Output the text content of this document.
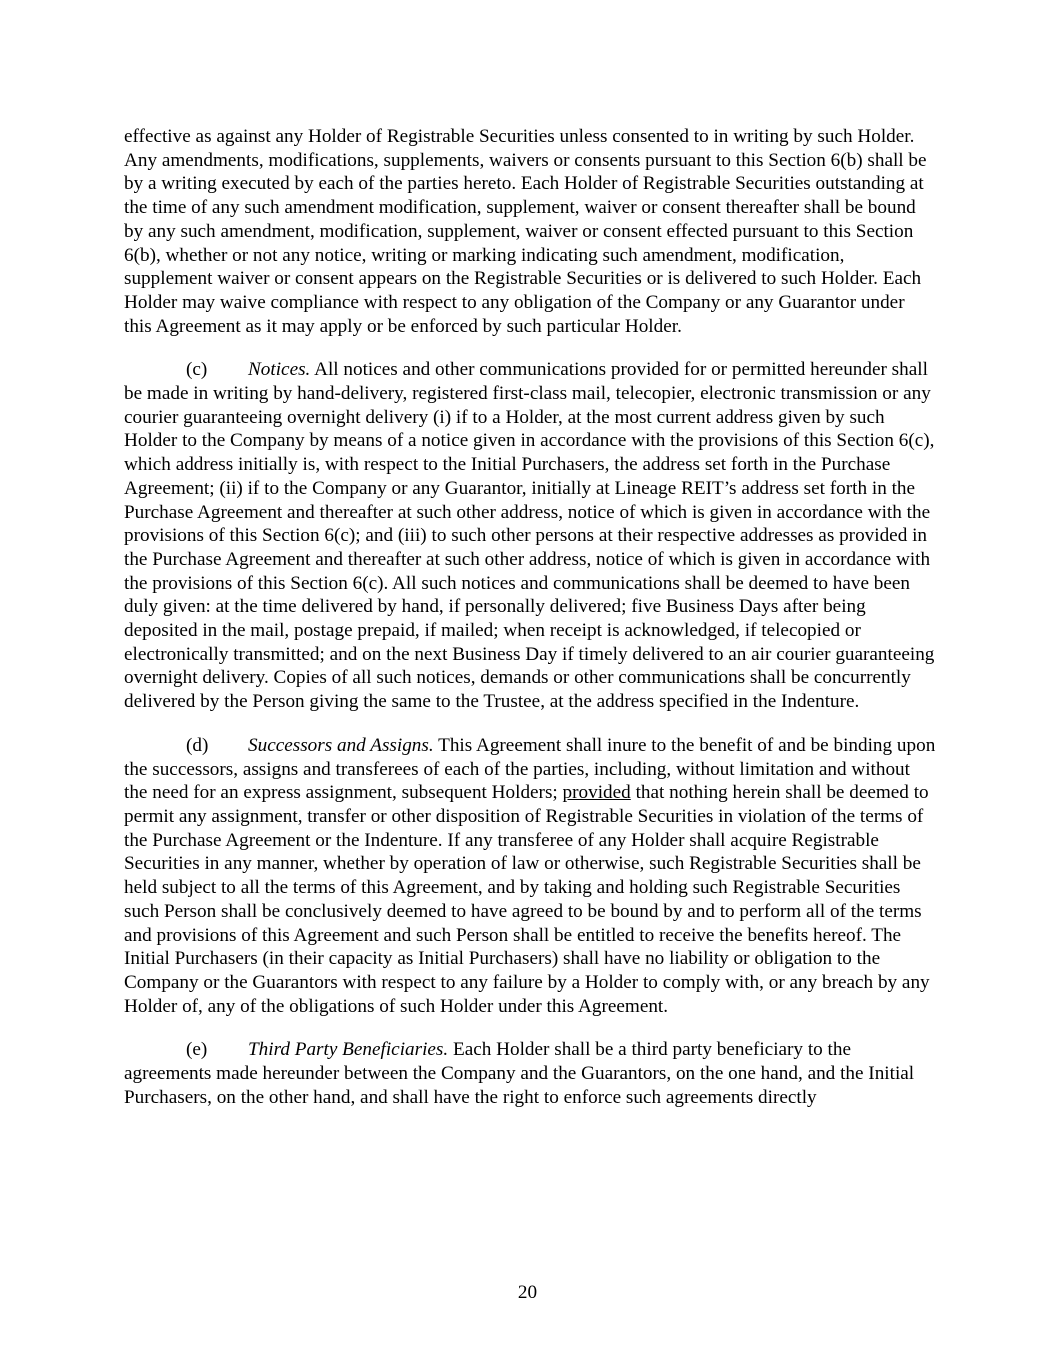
effective as against any Holder of Registrable Securities unless consented to in writing by such Holder. Any amendments, modifications, supplements, waivers or consents pursuant to this Section 6(b) shall be by a writing executed by each of the parties hereto. Each Holder of Registrable Securities outstanding at the time of any such amendment modification, supplement, waiver or consent thereafter shall be bound by any such amendment, modification, supplement, waiver or consent effected pursuant to this Section 6(b), whether or not any notice, writing or marking indicating such amendment, modification, supplement waiver or consent appears on the Registrable Securities or is delivered to such Holder. Each Holder may waive compliance with respect to any obligation of the Company or any Guarantor under this Agreement as it may apply or be enforced by such particular Holder.

(c) Notices. All notices and other communications provided for or permitted hereunder shall be made in writing by hand-delivery, registered first-class mail, telecopier, electronic transmission or any courier guaranteeing overnight delivery (i) if to a Holder, at the most current address given by such Holder to the Company by means of a notice given in accordance with the provisions of this Section 6(c), which address initially is, with respect to the Initial Purchasers, the address set forth in the Purchase Agreement; (ii) if to the Company or any Guarantor, initially at Lineage REIT’s address set forth in the Purchase Agreement and thereafter at such other address, notice of which is given in accordance with the provisions of this Section 6(c); and (iii) to such other persons at their respective addresses as provided in the Purchase Agreement and thereafter at such other address, notice of which is given in accordance with the provisions of this Section 6(c). All such notices and communications shall be deemed to have been duly given: at the time delivered by hand, if personally delivered; five Business Days after being deposited in the mail, postage prepaid, if mailed; when receipt is acknowledged, if telecopied or electronically transmitted; and on the next Business Day if timely delivered to an air courier guaranteeing overnight delivery. Copies of all such notices, demands or other communications shall be concurrently delivered by the Person giving the same to the Trustee, at the address specified in the Indenture.

(d) Successors and Assigns. This Agreement shall inure to the benefit of and be binding upon the successors, assigns and transferees of each of the parties, including, without limitation and without the need for an express assignment, subsequent Holders; provided that nothing herein shall be deemed to permit any assignment, transfer or other disposition of Registrable Securities in violation of the terms of the Purchase Agreement or the Indenture. If any transferee of any Holder shall acquire Registrable Securities in any manner, whether by operation of law or otherwise, such Registrable Securities shall be held subject to all the terms of this Agreement, and by taking and holding such Registrable Securities such Person shall be conclusively deemed to have agreed to be bound by and to perform all of the terms and provisions of this Agreement and such Person shall be entitled to receive the benefits hereof. The Initial Purchasers (in their capacity as Initial Purchasers) shall have no liability or obligation to the Company or the Guarantors with respect to any failure by a Holder to comply with, or any breach by any Holder of, any of the obligations of such Holder under this Agreement.

(e) Third Party Beneficiaries. Each Holder shall be a third party beneficiary to the agreements made hereunder between the Company and the Guarantors, on the one hand, and the Initial Purchasers, on the other hand, and shall have the right to enforce such agreements directly

20
